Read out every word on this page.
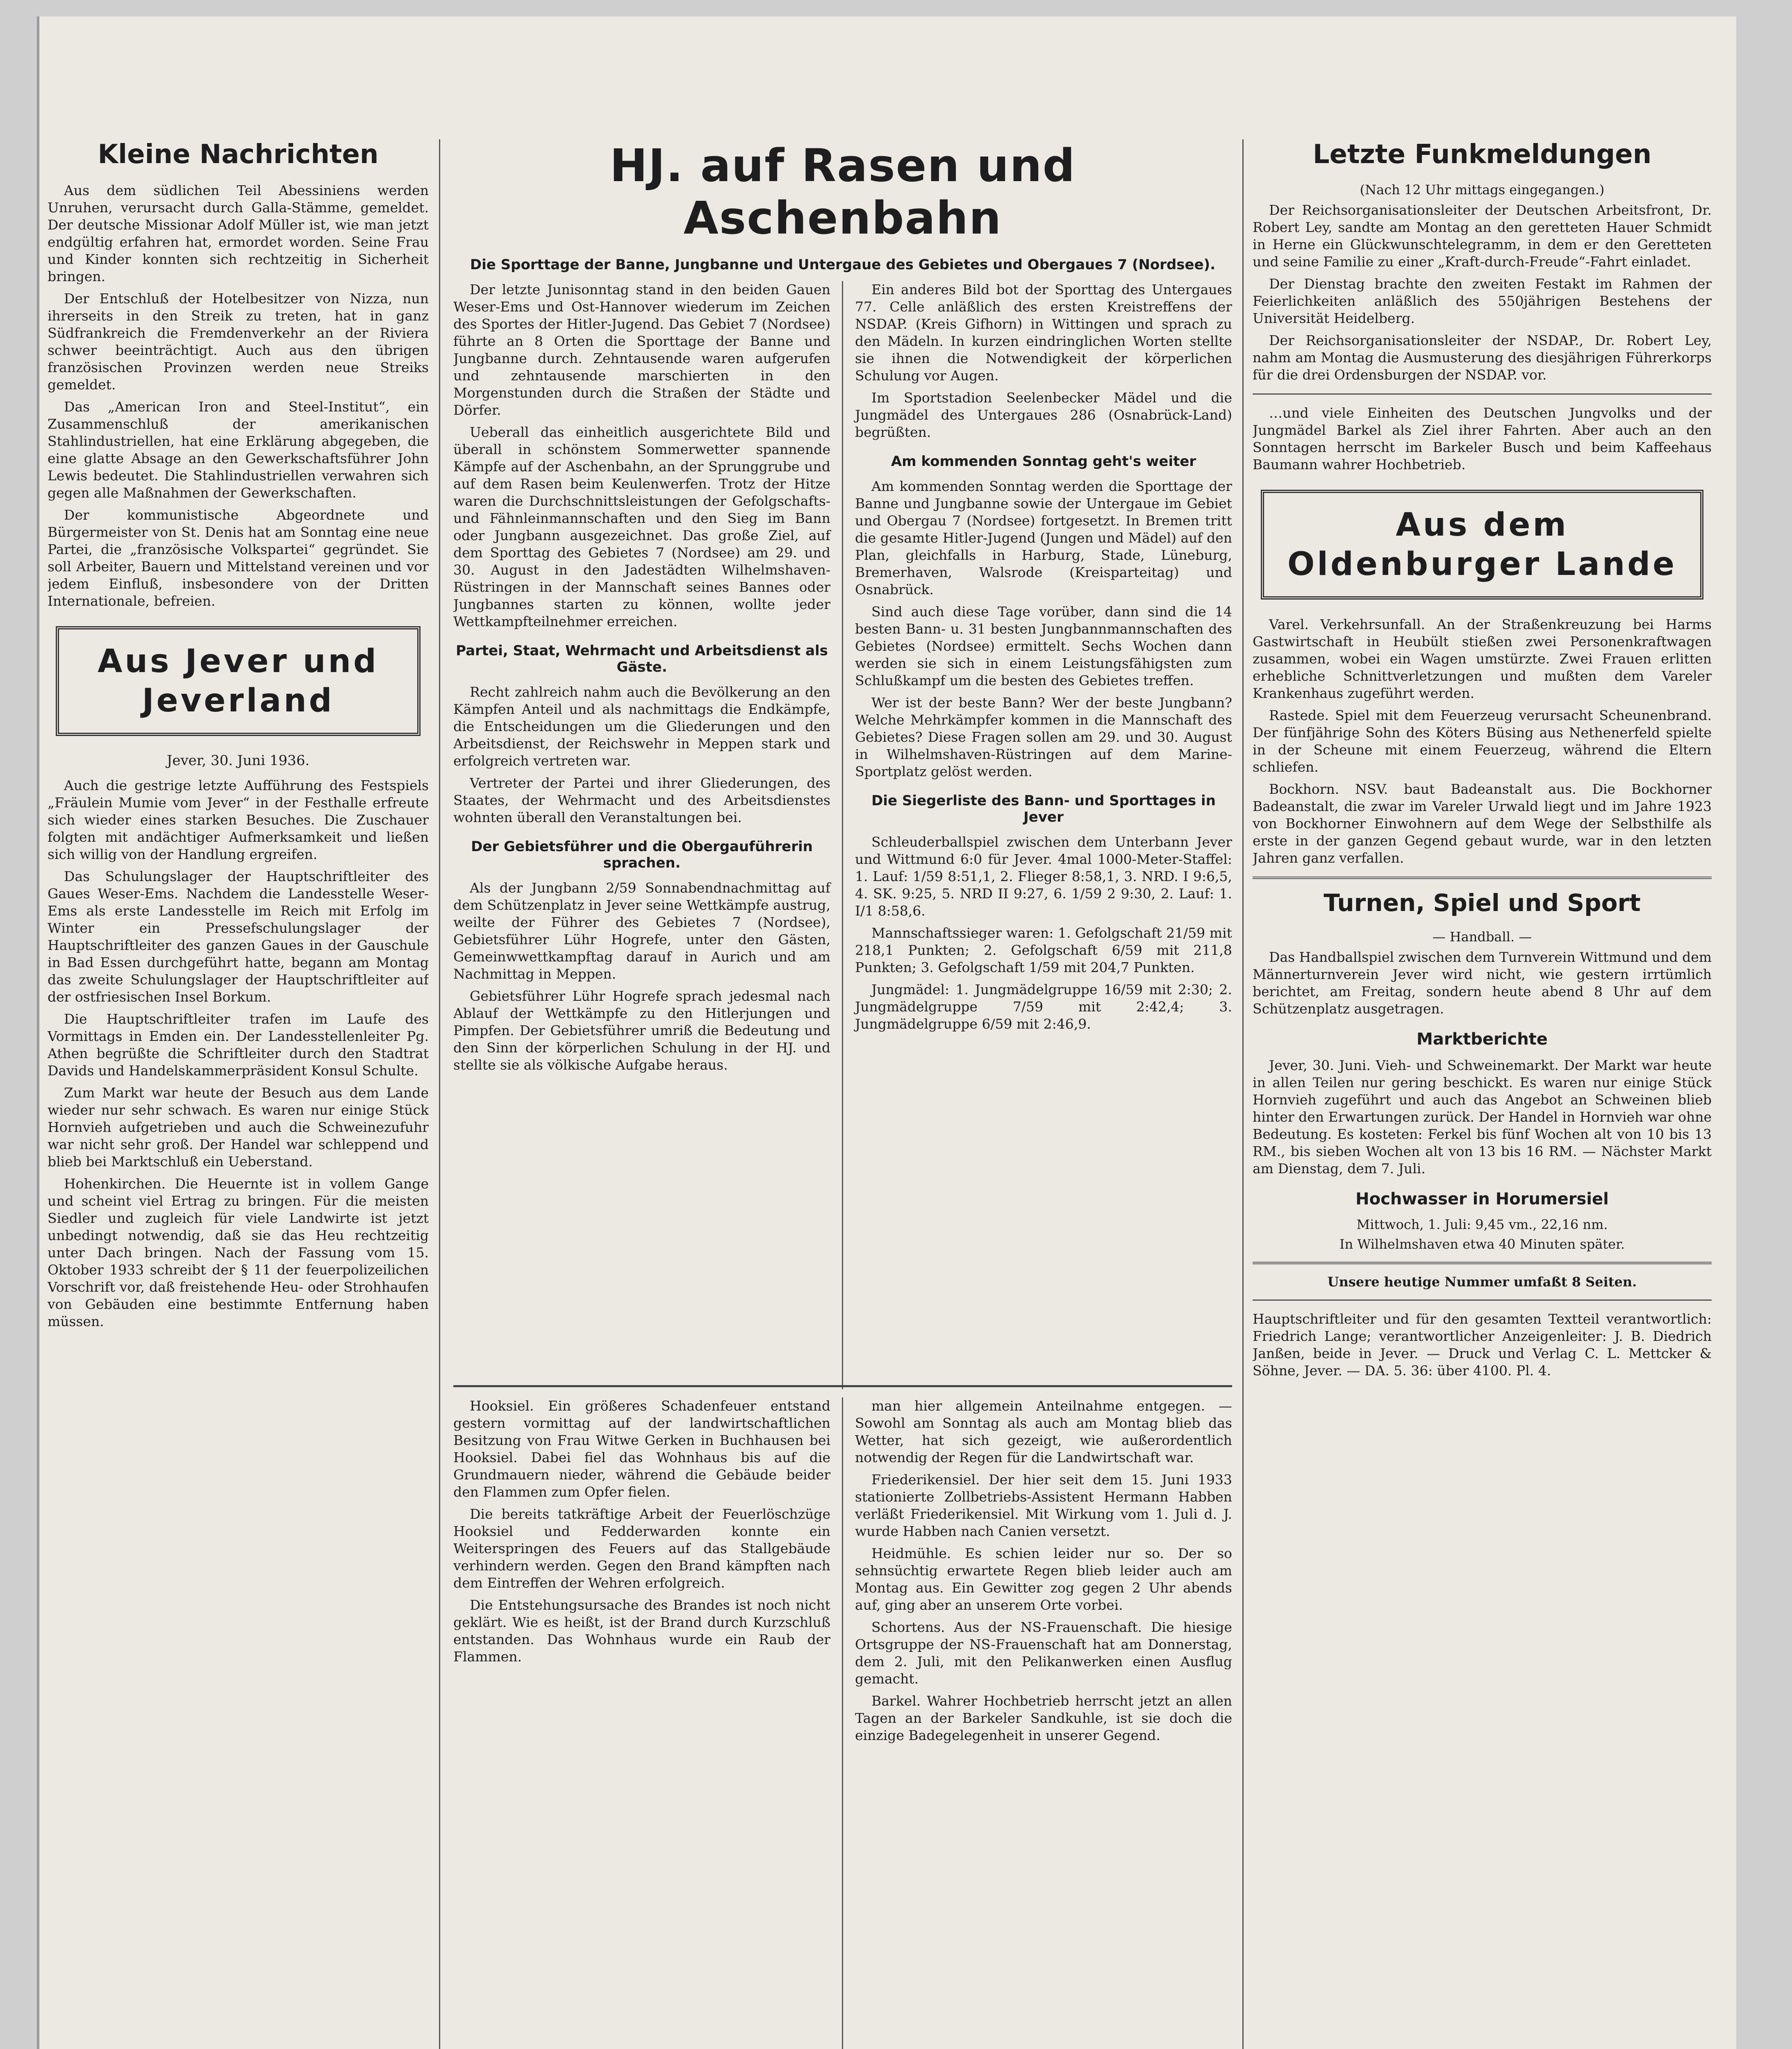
Kleine Nachrichten

Aus dem südlichen Teil Abessiniens werden Unruhen, verursacht durch Galla-Stämme, gemeldet. Der deutsche Missionar Adolf Müller ist, wie man jetzt endgültig erfahren hat, ermordet worden. Seine Frau und Kinder konnten sich rechtzeitig in Sicherheit bringen.

Der Entschluß der Hotelbesitzer von Nizza, nun ihrerseits in den Streik zu treten, hat in ganz Südfrankreich die Fremdenverkehr an der Riviera schwer beeinträchtigt. Auch aus den übrigen französischen Provinzen werden neue Streiks gemeldet.

Das „American Iron and Steel-Institut“, ein Zusammenschluß der amerikanischen Stahlindustriellen, hat eine Erklärung abgegeben, die eine glatte Absage an den Gewerkschaftsführer John Lewis bedeutet. Die Stahlindustriellen verwahren sich gegen alle Maßnahmen der Gewerkschaften.

Der kommunistische Abgeordnete und Bürgermeister von St. Denis hat am Sonntag eine neue Partei, die „französische Volkspartei“ gegründet. Sie soll Arbeiter, Bauern und Mittelstand vereinen und vor jedem Einfluß, insbesondere von der Dritten Internationale, befreien.

Aus Jever und Jeverland
Jever, 30. Juni 1936.

Auch die gestrige letzte Aufführung des Festspiels „Fräulein Mumie vom Jever“ in der Festhalle erfreute sich wieder eines starken Besuches. Die Zuschauer folgten mit andächtiger Aufmerksamkeit und ließen sich willig von der Handlung ergreifen.

Das Schulungslager der Hauptschriftleiter des Gaues Weser-Ems. Nachdem die Landesstelle Weser-Ems als erste Landesstelle im Reich mit Erfolg im Winter ein Pressefschulungslager der Hauptschriftleiter des ganzen Gaues in der Gauschule in Bad Essen durchgeführt hatte, begann am Montag das zweite Schulungslager der Hauptschriftleiter auf der ostfriesischen Insel Borkum.

Die Hauptschriftleiter trafen im Laufe des Vormittags in Emden ein. Der Landesstellenleiter Pg. Athen begrüßte die Schriftleiter durch den Stadtrat Davids und Handelskammerpräsident Konsul Schulte.

Zum Markt war heute der Besuch aus dem Lande wieder nur sehr schwach. Es waren nur einige Stück Hornvieh aufgetrieben und auch die Schweinezufuhr war nicht sehr groß. Der Handel war schleppend und blieb bei Marktschluß ein Ueberstand.

Hohenkirchen. Die Heuernte ist in vollem Gange und scheint viel Ertrag zu bringen. Für die meisten Siedler und zugleich für viele Landwirte ist jetzt unbedingt notwendig, daß sie das Heu rechtzeitig unter Dach bringen. Nach der Fassung vom 15. Oktober 1933 schreibt der § 11 der feuerpolizeilichen Vorschrift vor, daß freistehende Heu- oder Strohhaufen von Gebäuden eine bestimmte Entfernung haben müssen.

HJ. auf Rasen und Aschenbahn
Die Sporttage der Banne, Jungbanne und Untergaue des Gebietes und Obergaues 7 (Nordsee).

Der letzte Junisonntag stand in den beiden Gauen Weser-Ems und Ost-Hannover wiederum im Zeichen des Sportes der Hitler-Jugend. Das Gebiet 7 (Nordsee) führte an 8 Orten die Sporttage der Banne und Jungbanne durch. Zehntausende waren aufgerufen und zehntausende marschierten in den Morgenstunden durch die Straßen der Städte und Dörfer.

Ueberall das einheitlich ausgerichtete Bild und überall in schönstem Sommerwetter spannende Kämpfe auf der Aschenbahn, an der Sprunggrube und auf dem Rasen beim Keulenwerfen. Trotz der Hitze waren die Durchschnittsleistungen der Gefolgschafts- und Fähnleinmannschaften und den Sieg im Bann oder Jungbann ausgezeichnet. Das große Ziel, auf dem Sporttag des Gebietes 7 (Nordsee) am 29. und 30. August in den Jadestädten Wilhelmshaven-Rüstringen in der Mannschaft seines Bannes oder Jungbannes starten zu können, wollte jeder Wettkampfteilnehmer erreichen.

Partei, Staat, Wehrmacht und Arbeitsdienst als Gäste.

Recht zahlreich nahm auch die Bevölkerung an den Kämpfen Anteil und als nachmittags die Endkämpfe, die Entscheidungen um die Gliederungen und den Arbeitsdienst, der Reichswehr in Meppen stark und erfolgreich vertreten war.

Vertreter der Partei und ihrer Gliederungen, des Staates, der Wehrmacht und des Arbeitsdienstes wohnten überall den Veranstaltungen bei.

Der Gebietsführer und die Obergauführerin sprachen.

Als der Jungbann 2/59 Sonnabendnachmittag auf dem Schützenplatz in Jever seine Wettkämpfe austrug, weilte der Führer des Gebietes 7 (Nordsee), Gebietsführer Lühr Hogrefe, unter den Gästen, Gemeinwwettkampftag darauf in Aurich und am Nachmittag in Meppen.

Gebietsführer Lühr Hogrefe sprach jedesmal nach Ablauf der Wettkämpfe zu den Hitlerjungen und Pimpfen. Der Gebietsführer umriß die Bedeutung und den Sinn der körperlichen Schulung in der HJ. und stellte sie als völkische Aufgabe heraus.

Ein anderes Bild bot der Sporttag des Untergaues 77. Celle anläßlich des ersten Kreistreffens der NSDAP. (Kreis Gifhorn) in Wittingen und sprach zu den Mädeln. In kurzen eindringlichen Worten stellte sie ihnen die Notwendigkeit der körperlichen Schulung vor Augen.

Im Sportstadion Seelenbecker Mädel und die Jungmädel des Untergaues 286 (Osnabrück-Land) begrüßten.

Am kommenden Sonntag geht's weiter

Am kommenden Sonntag werden die Sporttage der Banne und Jungbanne sowie der Untergaue im Gebiet und Obergau 7 (Nordsee) fortgesetzt. In Bremen tritt die gesamte Hitler-Jugend (Jungen und Mädel) auf den Plan, gleichfalls in Harburg, Stade, Lüneburg, Bremerhaven, Walsrode (Kreisparteitag) und Osnabrück.

Sind auch diese Tage vorüber, dann sind die 14 besten Bann- u. 31 besten Jungbannmannschaften des Gebietes (Nordsee) ermittelt. Sechs Wochen dann werden sie sich in einem Leistungsfähigsten zum Schlußkampf um die besten des Gebietes treffen.

Wer ist der beste Bann? Wer der beste Jungbann? Welche Mehrkämpfer kommen in die Mannschaft des Gebietes? Diese Fragen sollen am 29. und 30. August in Wilhelmshaven-Rüstringen auf dem Marine-Sportplatz gelöst werden.

Die Siegerliste des Bann- und Sporttages in Jever

Schleuderballspiel zwischen dem Unterbann Jever und Wittmund 6:0 für Jever. 4mal 1000-Meter-Staffel: 1. Lauf: 1/59 8:51,1, 2. Flieger 8:58,1, 3. NRD. I 9:6,5, 4. SK. 9:25, 5. NRD II 9:27, 6. 1/59 2 9:30, 2. Lauf: 1. I/1 8:58,6.

Mannschaftssieger waren: 1. Gefolgschaft 21/59 mit 218,1 Punkten; 2. Gefolgschaft 6/59 mit 211,8 Punkten; 3. Gefolgschaft 1/59 mit 204,7 Punkten.

Jungmädel: 1. Jungmädelgruppe 16/59 mit 2:30; 2. Jungmädelgruppe 7/59 mit 2:42,4; 3. Jungmädelgruppe 6/59 mit 2:46,9.

Hooksiel. Ein größeres Schadenfeuer entstand gestern vormittag auf der landwirtschaftlichen Besitzung von Frau Witwe Gerken in Buchhausen bei Hooksiel. Dabei fiel das Wohnhaus bis auf die Grundmauern nieder, während die Gebäude beider den Flammen zum Opfer fielen.

Die bereits tatkräftige Arbeit der Feuerlöschzüge Hooksiel und Fedderwarden konnte ein Weiterspringen des Feuers auf das Stallgebäude verhindern werden. Gegen den Brand kämpften nach dem Eintreffen der Wehren erfolgreich.

Die Entstehungsursache des Brandes ist noch nicht geklärt. Wie es heißt, ist der Brand durch Kurzschluß entstanden. Das Wohnhaus wurde ein Raub der Flammen.

man hier allgemein Anteilnahme entgegen. — Sowohl am Sonntag als auch am Montag blieb das Wetter, hat sich gezeigt, wie außerordentlich notwendig der Regen für die Landwirtschaft war.

Friederikensiel. Der hier seit dem 15. Juni 1933 stationierte Zollbetriebs-Assistent Hermann Habben verläßt Friederikensiel. Mit Wirkung vom 1. Juli d. J. wurde Habben nach Canien versetzt.

Heidmühle. Es schien leider nur so. Der so sehnsüchtig erwartete Regen blieb leider auch am Montag aus. Ein Gewitter zog gegen 2 Uhr abends auf, ging aber an unserem Orte vorbei.

Schortens. Aus der NS-Frauenschaft. Die hiesige Ortsgruppe der NS-Frauenschaft hat am Donnerstag, dem 2. Juli, mit den Pelikanwerken einen Ausflug gemacht.

Barkel. Wahrer Hochbetrieb herrscht jetzt an allen Tagen an der Barkeler Sandkuhle, ist sie doch die einzige Badegelegenheit in unserer Gegend.

Letzte Funkmeldungen
(Nach 12 Uhr mittags eingegangen.)

Der Reichsorganisationsleiter der Deutschen Arbeitsfront, Dr. Robert Ley, sandte am Montag an den geretteten Hauer Schmidt in Herne ein Glückwunschtelegramm, in dem er den Geretteten und seine Familie zu einer „Kraft-durch-Freude“-Fahrt einladet.

Der Dienstag brachte den zweiten Festakt im Rahmen der Feierlichkeiten anläßlich des 550jährigen Bestehens der Universität Heidelberg.

Der Reichsorganisationsleiter der NSDAP., Dr. Robert Ley, nahm am Montag die Ausmusterung des diesjährigen Führerkorps für die drei Ordensburgen der NSDAP. vor.

…und viele Einheiten des Deutschen Jungvolks und der Jungmädel Barkel als Ziel ihrer Fahrten. Aber auch an den Sonntagen herrscht im Barkeler Busch und beim Kaffeehaus Baumann wahrer Hochbetrieb.

Aus dem Oldenburger Lande

Varel. Verkehrsunfall. An der Straßenkreuzung bei Harms Gastwirtschaft in Heubült stießen zwei Personenkraftwagen zusammen, wobei ein Wagen umstürzte. Zwei Frauen erlitten erhebliche Schnittverletzungen und mußten dem Vareler Krankenhaus zugeführt werden.

Rastede. Spiel mit dem Feuerzeug verursacht Scheunenbrand. Der fünfjährige Sohn des Köters Büsing aus Nethenerfeld spielte in der Scheune mit einem Feuerzeug, während die Eltern schliefen.

Bockhorn. NSV. baut Badeanstalt aus. Die Bockhorner Badeanstalt, die zwar im Vareler Urwald liegt und im Jahre 1923 von Bockhorner Einwohnern auf dem Wege der Selbsthilfe als erste in der ganzen Gegend gebaut wurde, war in den letzten Jahren ganz verfallen.

Turnen, Spiel und Sport
— Handball. —

Das Handballspiel zwischen dem Turnverein Wittmund und dem Männerturnverein Jever wird nicht, wie gestern irrtümlich berichtet, am Freitag, sondern heute abend 8 Uhr auf dem Schützenplatz ausgetragen.

Marktberichte

Jever, 30. Juni. Vieh- und Schweinemarkt. Der Markt war heute in allen Teilen nur gering beschickt. Es waren nur einige Stück Hornvieh zugeführt und auch das Angebot an Schweinen blieb hinter den Erwartungen zurück. Der Handel in Hornvieh war ohne Bedeutung. Es kosteten: Ferkel bis fünf Wochen alt von 10 bis 13 RM., bis sieben Wochen alt von 13 bis 16 RM. — Nächster Markt am Dienstag, dem 7. Juli.

Hochwasser in Horumersiel
Mittwoch, 1. Juli: 9,45 vm., 22,16 nm.
In Wilhelmshaven etwa 40 Minuten später.
Unsere heutige Nummer umfaßt 8 Seiten.

Hauptschriftleiter und für den gesamten Textteil verantwortlich: Friedrich Lange; verantwortlicher Anzeigenleiter: J. B. Diedrich Janßen, beide in Jever. — Druck und Verlag C. L. Mettcker & Söhne, Jever. — DA. 5. 36: über 4100. Pl. 4.
